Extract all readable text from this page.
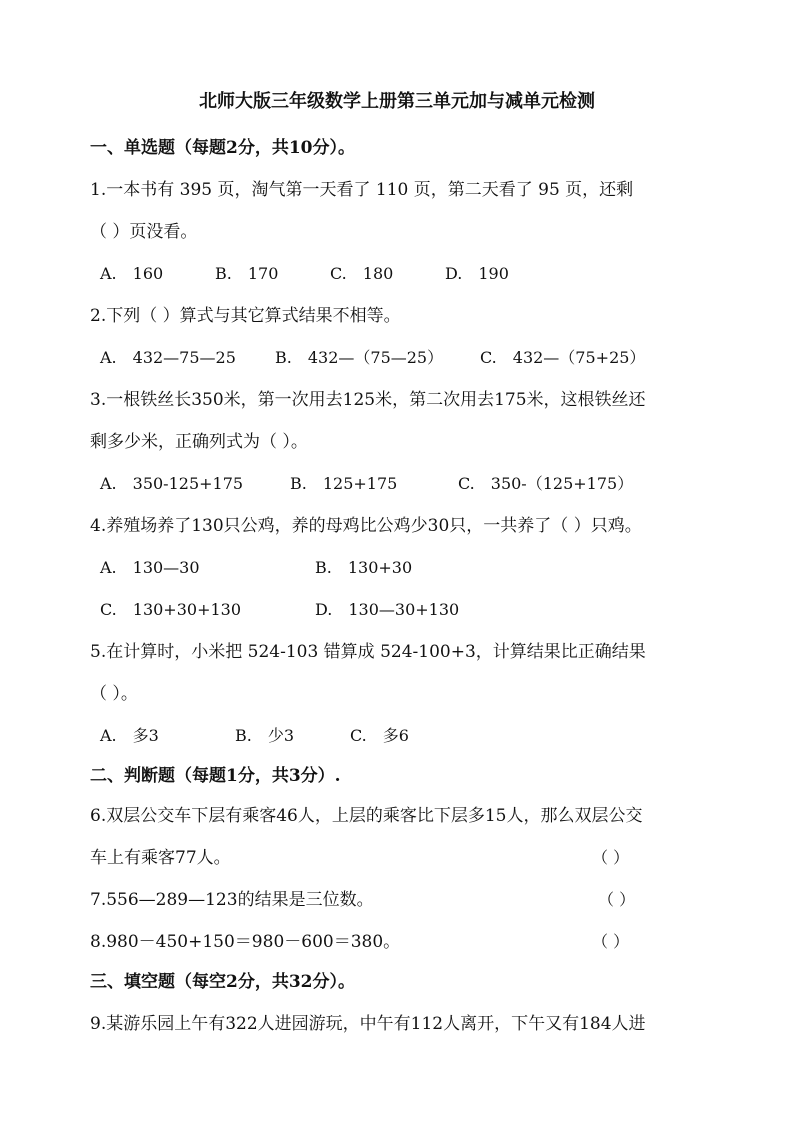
北师大版三年级数学上册第三单元加与减单元检测
一、单选题（每题2分，共10分）。
1.一本书有 395 页，淘气第一天看了 110 页，第二天看了 95 页，还剩
（ ）页没看。
A.　160	B.　170	C.　180	D.　190
2.下列（ ）算式与其它算式结果不相等。
A.　432—75—25 B.　432—（75—25） C.　432—（75+25）
3.一根铁丝长350米，第一次用去125米，第二次用去175米，这根铁丝还
剩多少米，正确列式为（ ）。
A.　350-125+175	B.　125+175	C.　350-（125+175）
4.养殖场养了130只公鸡，养的母鸡比公鸡少30只，一共养了（ ）只鸡。
A.　130—30	B.　130+30
C.　130+30+130	D.　130—30+130
5.在计算时，小米把 524-103 错算成 524-100+3，计算结果比正确结果
（ ）。
A.　多3	B.　少3	C.　多6
二、判断题（每题1分，共3分）.
6.双层公交车下层有乘客46人，上层的乘客比下层多15人，那么双层公交
车上有乘客77人。	（ ）
7.556—289—123的结果是三位数。	（ ）
8.980－450+150＝980－600＝380。	（ ）
三、填空题（每空2分，共32分）。
9.某游乐园上午有322人进园游玩，中午有112人离开，下午又有184人进
